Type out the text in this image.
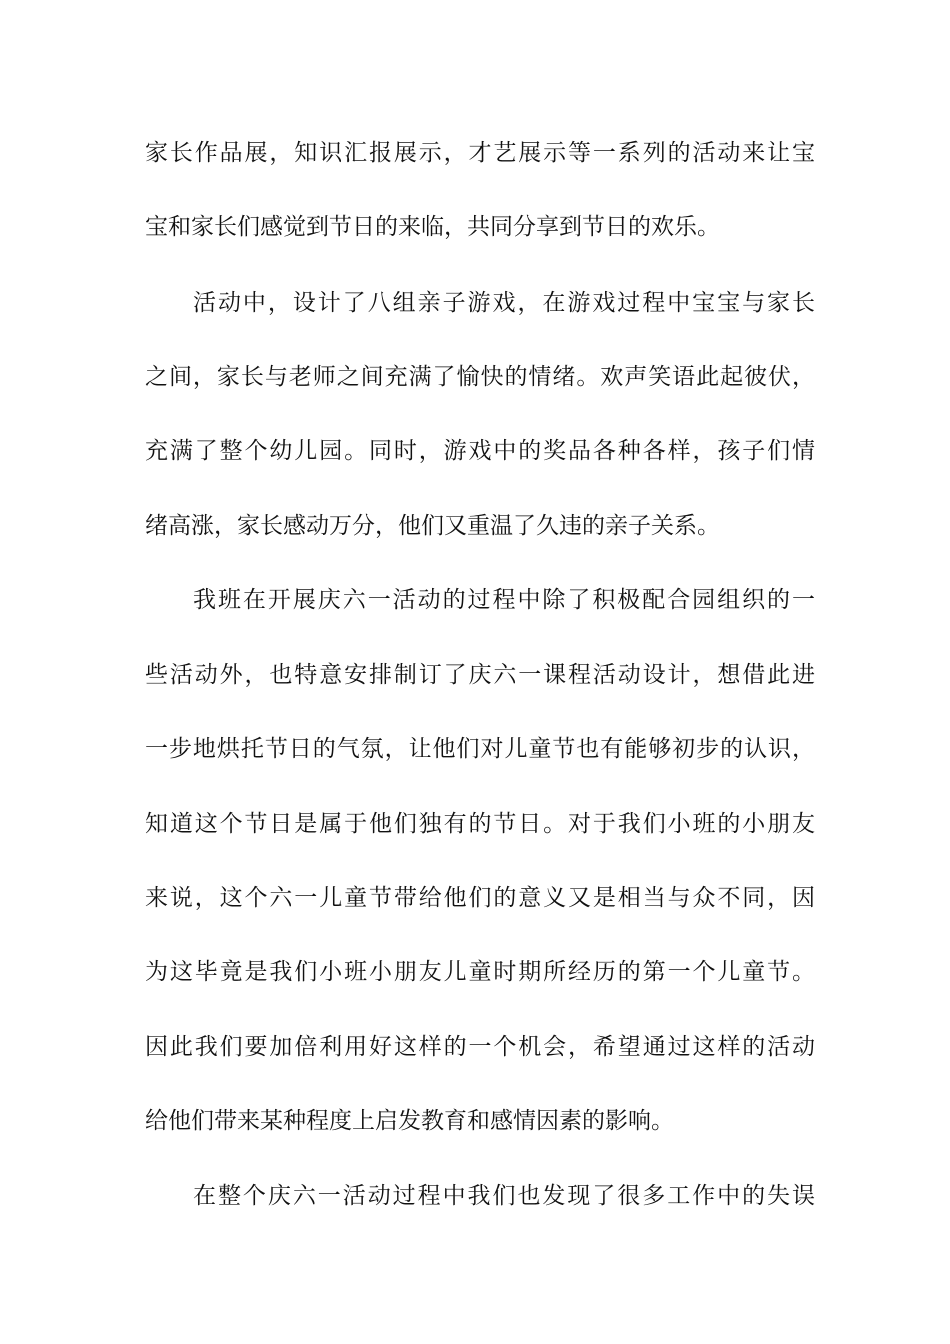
家长作品展，知识汇报展示，才艺展示等一系列的活动来让宝
宝和家长们感觉到节日的来临，共同分享到节日的欢乐。
活动中，设计了八组亲子游戏，在游戏过程中宝宝与家长
之间，家长与老师之间充满了愉快的情绪。欢声笑语此起彼伏，
充满了整个幼儿园。同时，游戏中的奖品各种各样，孩子们情
绪高涨，家长感动万分，他们又重温了久违的亲子关系。
我班在开展庆六一活动的过程中除了积极配合园组织的一
些活动外，也特意安排制订了庆六一课程活动设计，想借此进
一步地烘托节日的气氛，让他们对儿童节也有能够初步的认识，
知道这个节日是属于他们独有的节日。对于我们小班的小朋友
来说，这个六一儿童节带给他们的意义又是相当与众不同，因
为这毕竟是我们小班小朋友儿童时期所经历的第一个儿童节。
因此我们要加倍利用好这样的一个机会，希望通过这样的活动
给他们带来某种程度上启发教育和感情因素的影响。
在整个庆六一活动过程中我们也发现了很多工作中的失误
